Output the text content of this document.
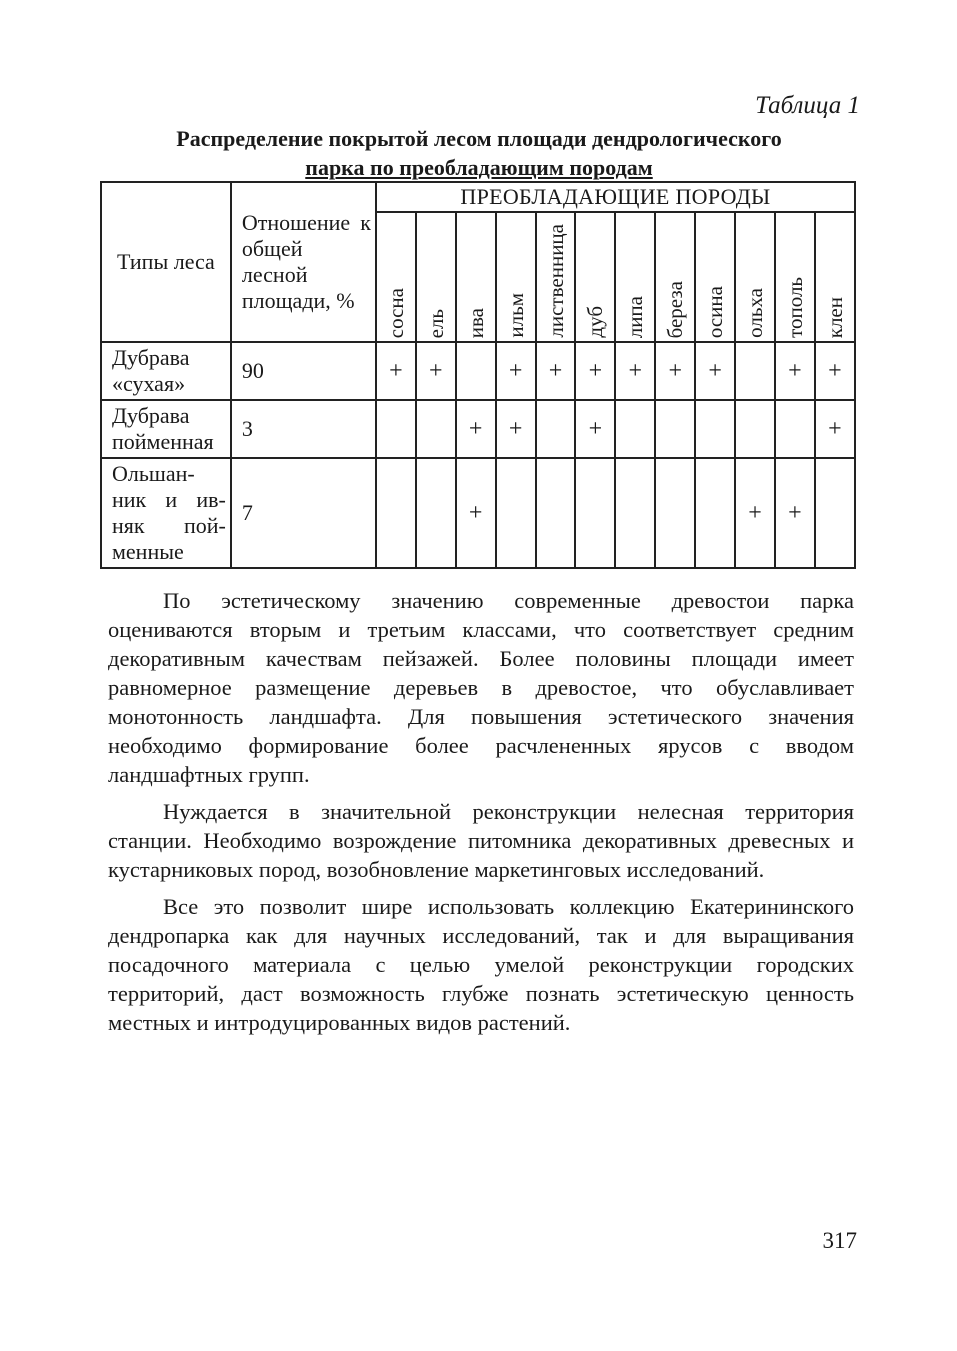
Таблица 1
Распределение покрытой лесом площади дендрологического
парка по преобладающим породам
Типы леса	Отношение к общей лесной площади, %	ПРЕОБЛАДАЮЩИЕ ПОРОДЫ											

		сосна	ель	ива	ильм	лиственница	дуб	липа	береза	осина	ольха	тополь	клен

Дубрава
«сухая»	90	+	+		+	+	+	+	+	+		+	+

Дубрава
пойменная	3			+	+		+						+

Ольшан-
ник и ив-
няк пой-
менные	7			+							+	+	

По эстетическому значению современные древостои парка оцениваются вторым и третьим классами, что соответствует средним декоративным качествам пейзажей. Более половины площади имеет равномерное размещение деревьев в древостое, что обуславливает монотонность ландшафта. Для повышения эстетического значения необходимо формирование более расчлененных ярусов с вводом ландшафтных групп.

Нуждается в значительной реконструкции нелесная территория станции. Необходимо возрождение питомника декоративных древесных и кустарниковых пород, возобновление маркетинговых исследований.

Все это позволит шире использовать коллекцию Екатерининского дендропарка как для научных исследований, так и для выращивания посадочного материала с целью умелой реконструкции городских территорий, даст возможность глубже познать эстетическую ценность местных и интродуцированных видов растений.

317
